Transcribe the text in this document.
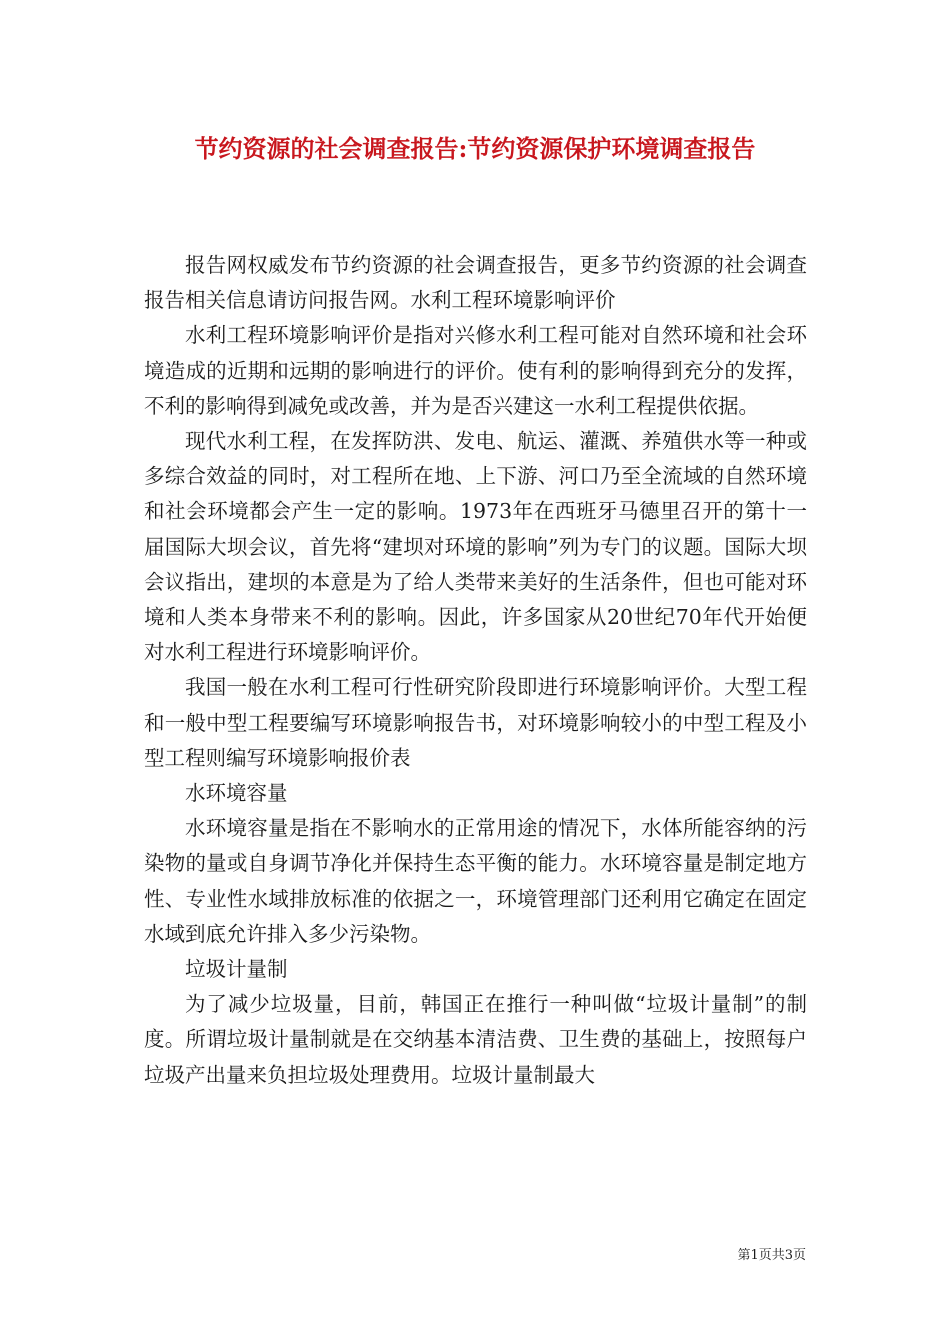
节约资源的社会调查报告:节约资源保护环境调查报告

报告网权威发布节约资源的社会调查报告，更多节约资源的社会调查报告相关信息请访问报告网。水利工程环境影响评价

水利工程环境影响评价是指对兴修水利工程可能对自然环境和社会环境造成的近期和远期的影响进行的评价。使有利的影响得到充分的发挥，不利的影响得到减免或改善，并为是否兴建这一水利工程提供依据。

现代水利工程，在发挥防洪、发电、航运、灌溉、养殖供水等一种或多综合效益的同时，对工程所在地、上下游、河口乃至全流域的自然环境和社会环境都会产生一定的影响。1973年在西班牙马德里召开的第十一届国际大坝会议，首先将“建坝对环境的影响”列为专门的议题。国际大坝会议指出，建坝的本意是为了给人类带来美好的生活条件，但也可能对环境和人类本身带来不利的影响。因此，许多国家从20世纪70年代开始便对水利工程进行环境影响评价。

我国一般在水利工程可行性研究阶段即进行环境影响评价。大型工程和一般中型工程要编写环境影响报告书，对环境影响较小的中型工程及小型工程则编写环境影响报价表

水环境容量

水环境容量是指在不影响水的正常用途的情况下，水体所能容纳的污染物的量或自身调节净化并保持生态平衡的能力。水环境容量是制定地方性、专业性水域排放标准的依据之一，环境管理部门还利用它确定在固定水域到底允许排入多少污染物。

垃圾计量制

为了减少垃圾量，目前，韩国正在推行一种叫做“垃圾计量制”的制度。所谓垃圾计量制就是在交纳基本清洁费、卫生费的基础上，按照每户垃圾产出量来负担垃圾处理费用。垃圾计量制最大

第1页共3页
